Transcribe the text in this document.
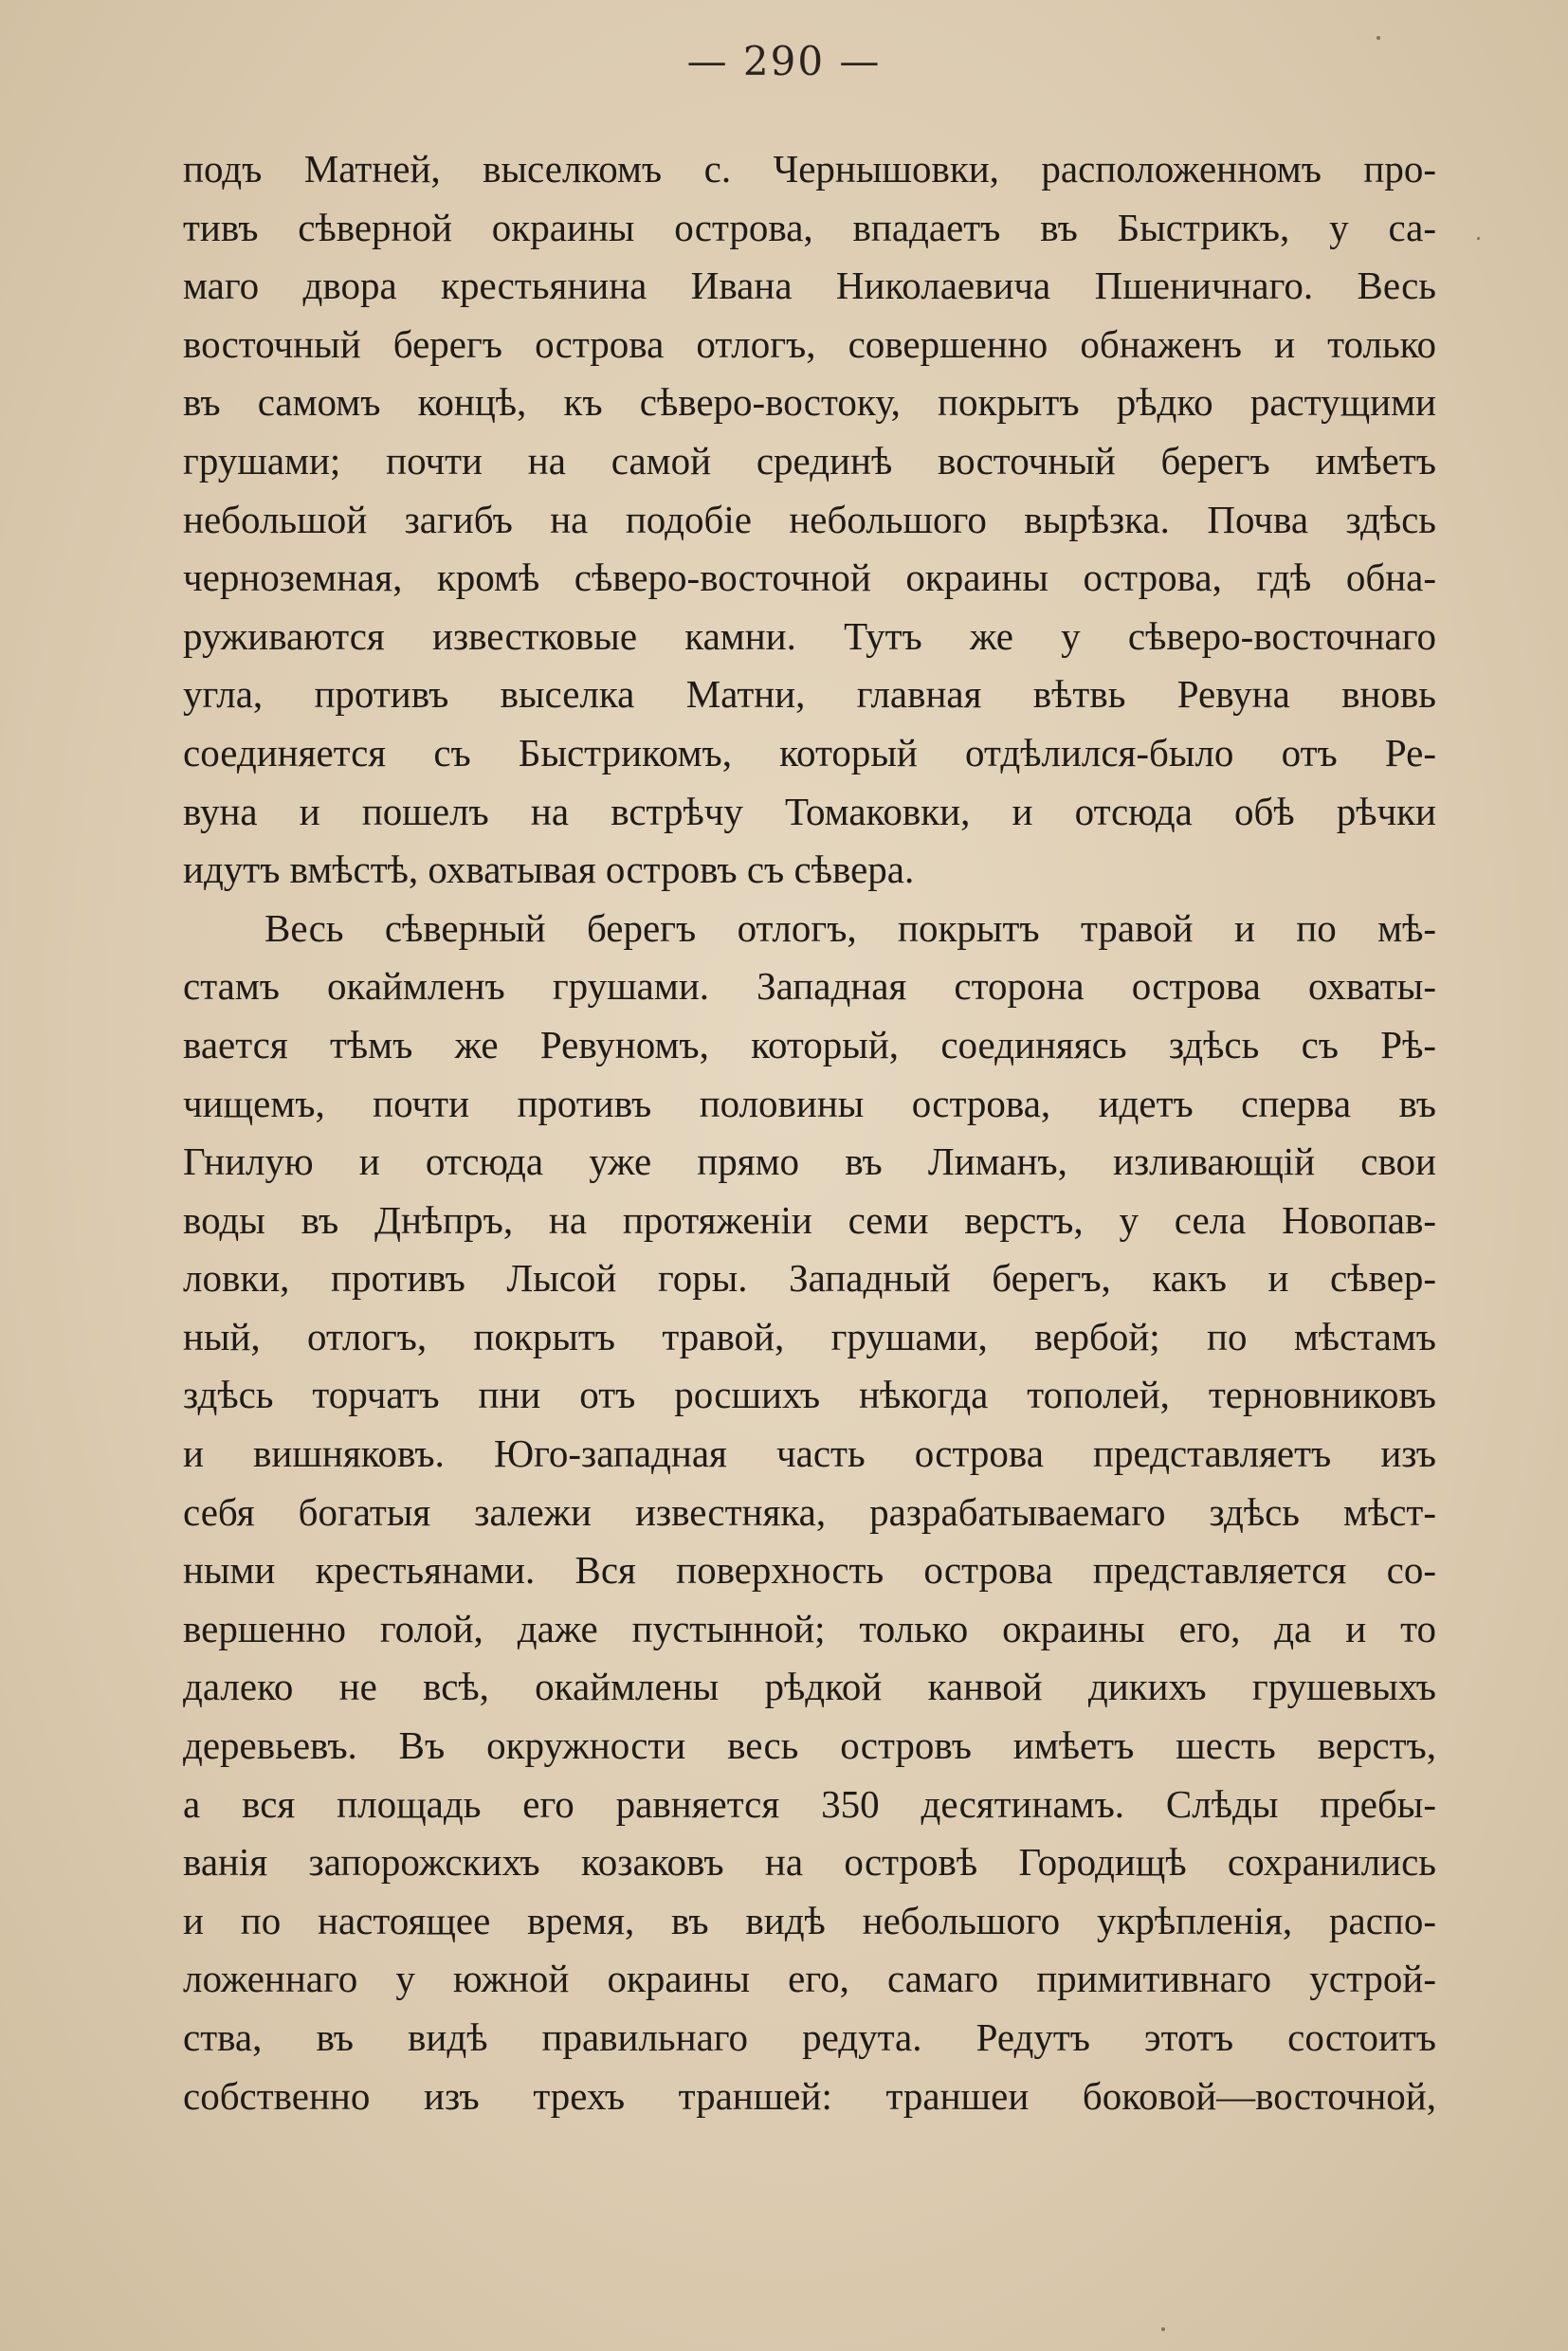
— 290 —
подъ Матней, выселкомъ с. Чернышовки, расположенномъ про-
тивъ сѣверной окраины острова, впадаетъ въ Быстрикъ, у са-
маго двора крестьянина Ивана Николаевича Пшеничнаго. Весь
восточный берегъ острова отлогъ, совершенно обнаженъ и только
въ самомъ концѣ, къ сѣверо-востоку, покрытъ рѣдко растущими
грушами; почти на самой срединѣ восточный берегъ имѣетъ
небольшой загибъ на подобіе небольшого вырѣзка. Почва здѣсь
черноземная, кромѣ сѣверо-восточной окраины острова, гдѣ обна-
руживаются известковые камни. Тутъ же у сѣверо-восточнаго
угла, противъ выселка Матни, главная вѣтвь Ревуна вновь
соединяется съ Быстрикомъ, который отдѣлился-было отъ Ре-
вуна и пошелъ на встрѣчу Томаковки, и отсюда обѣ рѣчки
идутъ вмѣстѣ, охватывая островъ съ сѣвера.
Весь сѣверный берегъ отлогъ, покрытъ травой и по мѣ-
стамъ окаймленъ грушами. Западная сторона острова охваты-
вается тѣмъ же Ревуномъ, который, соединяясь здѣсь съ Рѣ-
чищемъ, почти противъ половины острова, идетъ сперва въ
Гнилую и отсюда уже прямо въ Лиманъ, изливающій свои
воды въ Днѣпръ, на протяженіи семи верстъ, у села Новопав-
ловки, противъ Лысой горы. Западный берегъ, какъ и сѣвер-
ный, отлогъ, покрытъ травой, грушами, вербой; по мѣстамъ
здѣсь торчатъ пни отъ росшихъ нѣкогда тополей, терновниковъ
и вишняковъ. Юго-западная часть острова представляетъ изъ
себя богатыя залежи известняка, разрабатываемаго здѣсь мѣст-
ными крестьянами. Вся поверхность острова представляется со-
вершенно голой, даже пустынной; только окраины его, да и то
далеко не всѣ, окаймлены рѣдкой канвой дикихъ грушевыхъ
деревьевъ. Въ окружности весь островъ имѣетъ шесть верстъ,
а вся площадь его равняется 350 десятинамъ. Слѣды пребы-
ванія запорожскихъ козаковъ на островѣ Городищѣ сохранились
и по настоящее время, въ видѣ небольшого укрѣпленія, распо-
ложеннаго у южной окраины его, самаго примитивнаго устрой-
ства, въ видѣ правильнаго редута. Редутъ этотъ состоитъ
собственно изъ трехъ траншей: траншеи боковой—восточной,
